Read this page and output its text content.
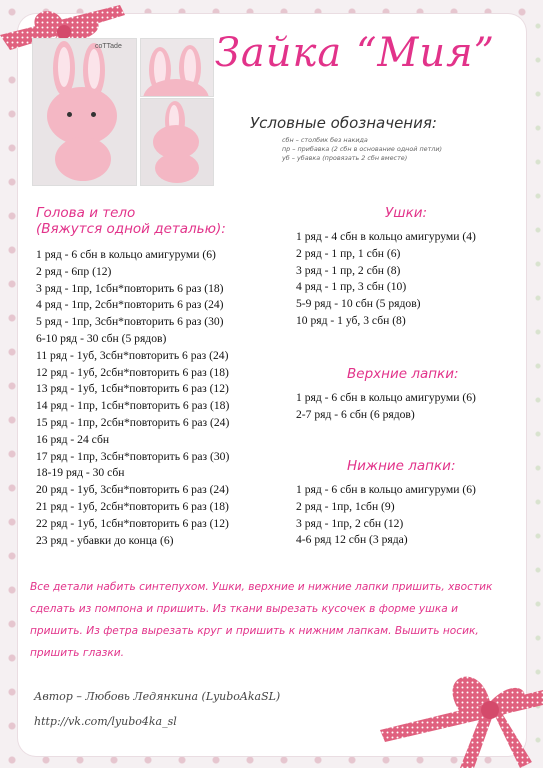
coTTade Зайка “Мия”
Условные обозначения:
сбн – столбик без накида
пр – прибавка (2 сбн в основание одной петли)
уб – убавка (провязать 2 сбн вместе)
Голова и тело
(Вяжутся одной деталью):
1 ряд - 6 сбн в кольцо амигуруми (6)
2 ряд - 6пр (12)
3 ряд - 1пр, 1сбн*повторить 6 раз (18)
4 ряд - 1пр, 2сбн*повторить 6 раз (24)
5 ряд - 1пр, 3сбн*повторить 6 раз (30)
6-10 ряд - 30 сбн (5 рядов)
11 ряд - 1уб, 3сбн*повторить 6 раз (24)
12 ряд - 1уб, 2сбн*повторить 6 раз (18)
13 ряд - 1уб, 1сбн*повторить 6 раз (12)
14 ряд - 1пр, 1сбн*повторить 6 раз (18)
15 ряд - 1пр, 2сбн*повторить 6 раз (24)
16 ряд - 24 сбн
17 ряд - 1пр, 3сбн*повторить 6 раз (30)
18-19 ряд - 30 сбн
20 ряд - 1уб, 3сбн*повторить 6 раз (24)
21 ряд - 1уб, 2сбн*повторить 6 раз (18)
22 ряд - 1уб, 1сбн*повторить 6 раз (12)
23 ряд - убавки до конца (6)
Ушки:
1 ряд - 4 сбн в кольцо амигуруми (4)
2 ряд - 1 пр, 1 сбн (6)
3 ряд - 1 пр, 2 сбн (8)
4 ряд - 1 пр, 3 сбн (10)
5-9 ряд - 10 сбн (5 рядов)
10 ряд - 1 уб, 3 сбн (8)
Верхние лапки:
1 ряд - 6 сбн в кольцо амигуруми (6)
2-7 ряд - 6 сбн (6 рядов)
Нижние лапки:
1 ряд - 6 сбн в кольцо амигуруми (6)
2 ряд - 1пр, 1сбн (9)
3 ряд - 1пр, 2 сбн (12)
4-6 ряд 12 сбн (3 ряда)
Все детали набить синтепухом. Ушки, верхние и нижние лапки пришить, хвостик сделать из помпона и пришить. Из ткани вырезать кусочек в форме ушка и пришить. Из фетра вырезать круг и пришить к нижним лапкам. Вышить носик, пришить глазки.
Автор – Любовь Ледянкина (LyuboAkaSL)
http://vk.com/lyubo4ka_sl
